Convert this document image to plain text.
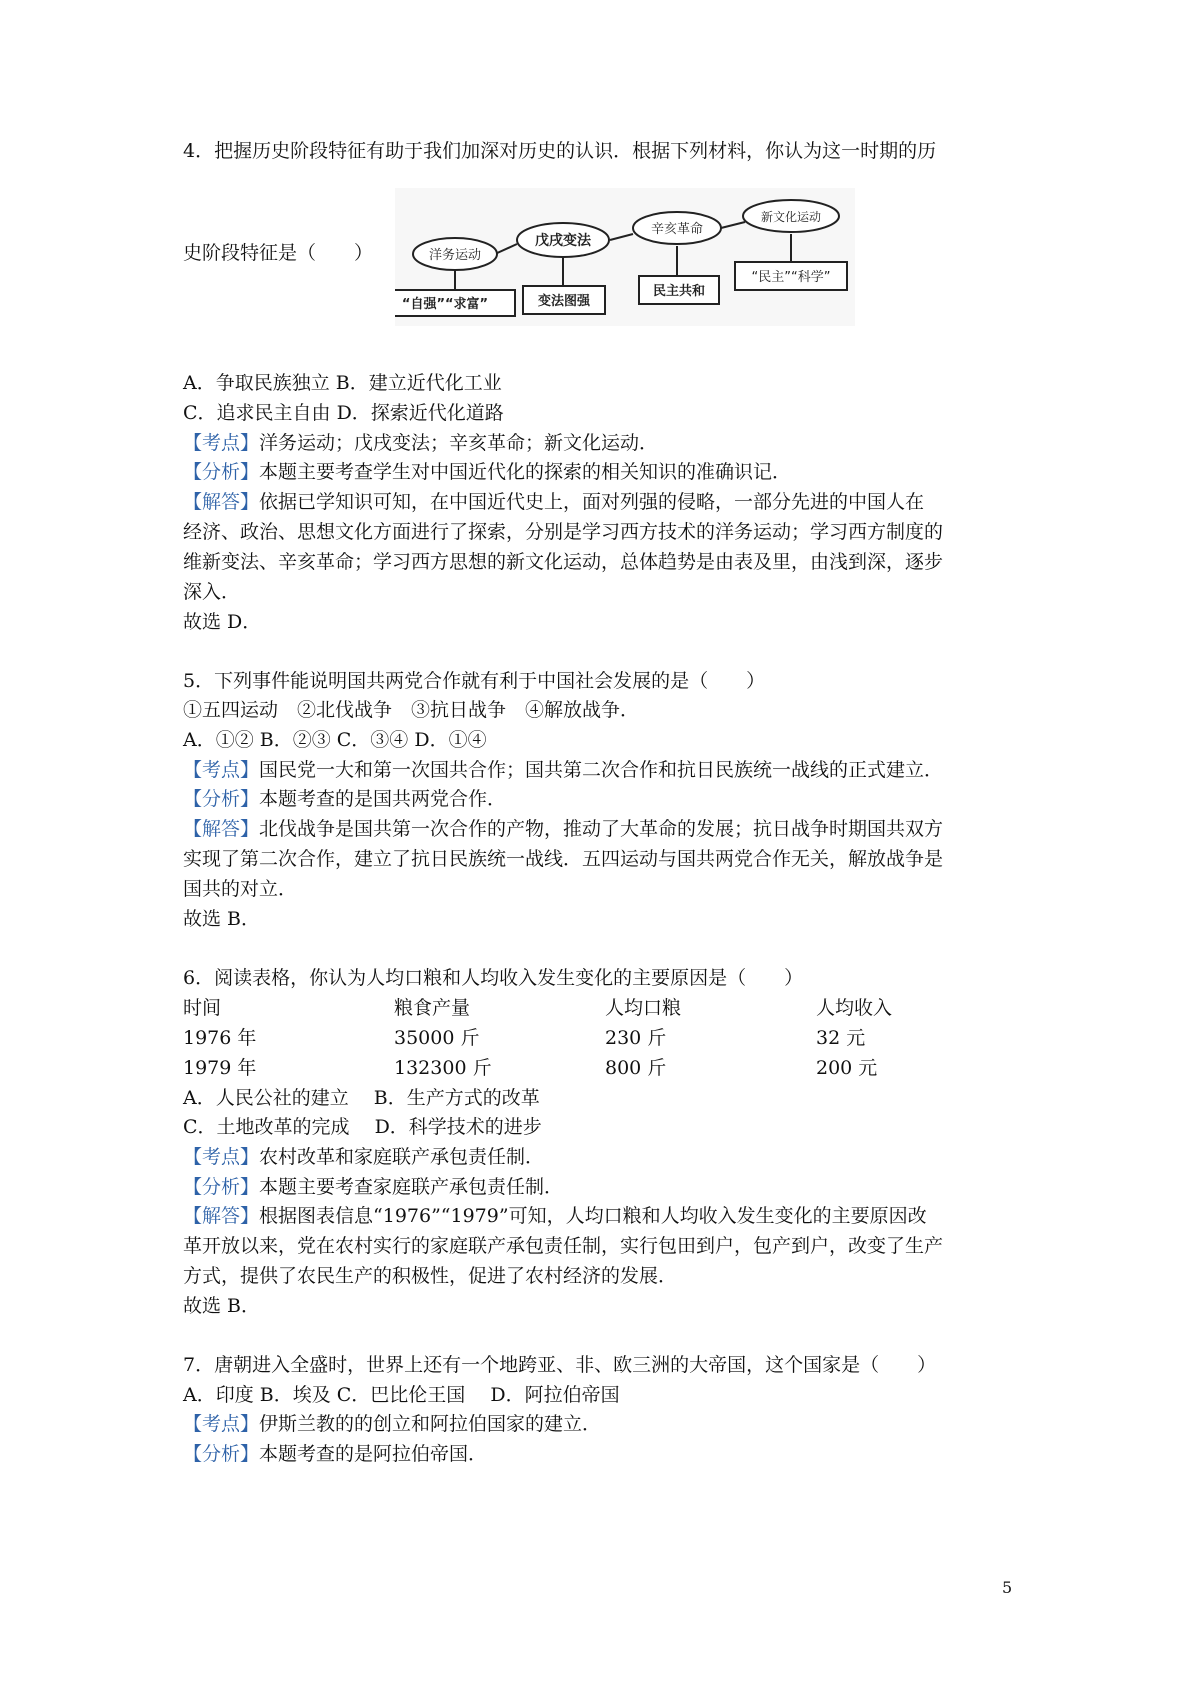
4．把握历史阶段特征有助于我们加深对历史的认识．根据下列材料，你认为这一时期的历
史阶段特征是（　　）	洋务运动
戊戌变法
辛亥革命
新文化运动
“自强”“求富”	变法图强
民主共和
“民主”“科学”
A．争取民族独立 B．建立近代化工业
C．追求民主自由 D．探索近代化道路
【考点】洋务运动；戊戌变法；辛亥革命；新文化运动．
【分析】本题主要考查学生对中国近代化的探索的相关知识的准确识记．
【解答】依据已学知识可知，在中国近代史上，面对列强的侵略，一部分先进的中国人在
经济、政治、思想文化方面进行了探索，分别是学习西方技术的洋务运动；学习西方制度的
维新变法、辛亥革命；学习西方思想的新文化运动，总体趋势是由表及里，由浅到深，逐步
深入．
故选 D．
5．下列事件能说明国共两党合作就有利于中国社会发展的是（　　）
①五四运动　②北伐战争　③抗日战争　④解放战争．
A．①② B．②③ C．③④ D．①④
【考点】国民党一大和第一次国共合作；国共第二次合作和抗日民族统一战线的正式建立．
【分析】本题考查的是国共两党合作．
【解答】北伐战争是国共第一次合作的产物，推动了大革命的发展；抗日战争时期国共双方
实现了第二次合作，建立了抗日民族统一战线．五四运动与国共两党合作无关，解放战争是
国共的对立．
故选 B．
6．阅读表格，你认为人均口粮和人均收入发生变化的主要原因是（　　）
时间	粮食产量	人均口粮	人均收入
1976 年	35000 斤	230 斤	32 元
1979 年	132300 斤	800 斤	200 元
A．人民公社的建立　 B．生产方式的改革
C．土地改革的完成　 D．科学技术的进步
【考点】农村改革和家庭联产承包责任制．
【分析】本题主要考查家庭联产承包责任制．
【解答】根据图表信息“1976”“1979”可知，人均口粮和人均收入发生变化的主要原因改
革开放以来，党在农村实行的家庭联产承包责任制，实行包田到户，包产到户，改变了生产
方式，提供了农民生产的积极性，促进了农村经济的发展．
故选 B．
7．唐朝进入全盛时，世界上还有一个地跨亚、非、欧三洲的大帝国，这个国家是（　　）
A．印度 B．埃及 C．巴比伦王国　 D．阿拉伯帝国
【考点】伊斯兰教的的创立和阿拉伯国家的建立．
【分析】本题考查的是阿拉伯帝国．
5
